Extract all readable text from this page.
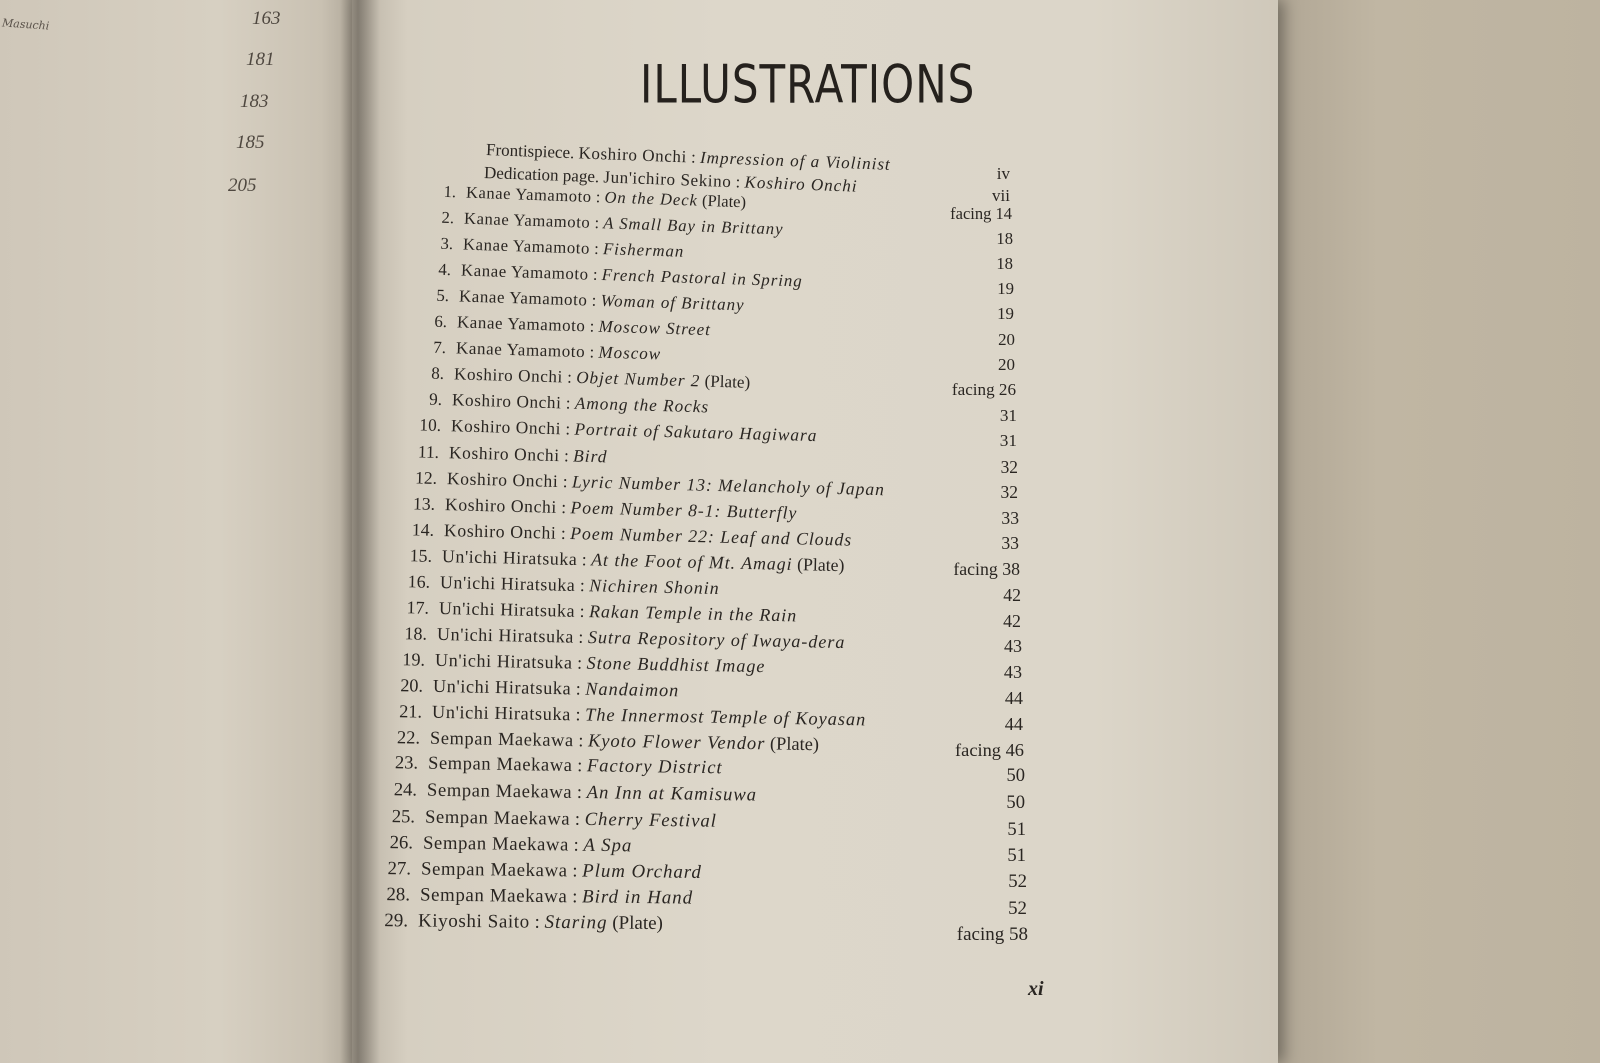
Masuchi	163
181
183
185
205
ILLUSTRATIONS
Frontispiece. Koshiro Onchi : Impression of a Violinist
Dedication page. Jun'ichiro Sekino : Koshiro Onchi
1. Kanae Yamamoto : On the Deck (Plate)
2. Kanae Yamamoto : A Small Bay in Brittany
3. Kanae Yamamoto : Fisherman
4. Kanae Yamamoto : French Pastoral in Spring
5. Kanae Yamamoto : Woman of Brittany
6. Kanae Yamamoto : Moscow Street
7. Kanae Yamamoto : Moscow
8. Koshiro Onchi : Objet Number 2 (Plate)
9. Koshiro Onchi : Among the Rocks
10. Koshiro Onchi : Portrait of Sakutaro Hagiwara
11. Koshiro Onchi : Bird
12. Koshiro Onchi : Lyric Number 13: Melancholy of Japan
13. Koshiro Onchi : Poem Number 8-1: Butterfly
14. Koshiro Onchi : Poem Number 22: Leaf and Clouds
15. Un'ichi Hiratsuka : At the Foot of Mt. Amagi (Plate)
16. Un'ichi Hiratsuka : Nichiren Shonin
17. Un'ichi Hiratsuka : Rakan Temple in the Rain
18. Un'ichi Hiratsuka : Sutra Repository of Iwaya-dera
19. Un'ichi Hiratsuka : Stone Buddhist Image
20. Un'ichi Hiratsuka : Nandaimon
21. Un'ichi Hiratsuka : The Innermost Temple of Koyasan
22. Sempan Maekawa : Kyoto Flower Vendor (Plate)
23. Sempan Maekawa : Factory District
24. Sempan Maekawa : An Inn at Kamisuwa
25. Sempan Maekawa : Cherry Festival
26. Sempan Maekawa : A Spa
27. Sempan Maekawa : Plum Orchard
28. Sempan Maekawa : Bird in Hand
29. Kiyoshi Saito : Staring (Plate)
xi
iv
vii
facing 14
18
18
19
19
20
20
facing 26
31
31
32
32
33
33
facing 38
42
42
43
43
44
44
facing 46
50
50
51
51
52
52
facing 58
